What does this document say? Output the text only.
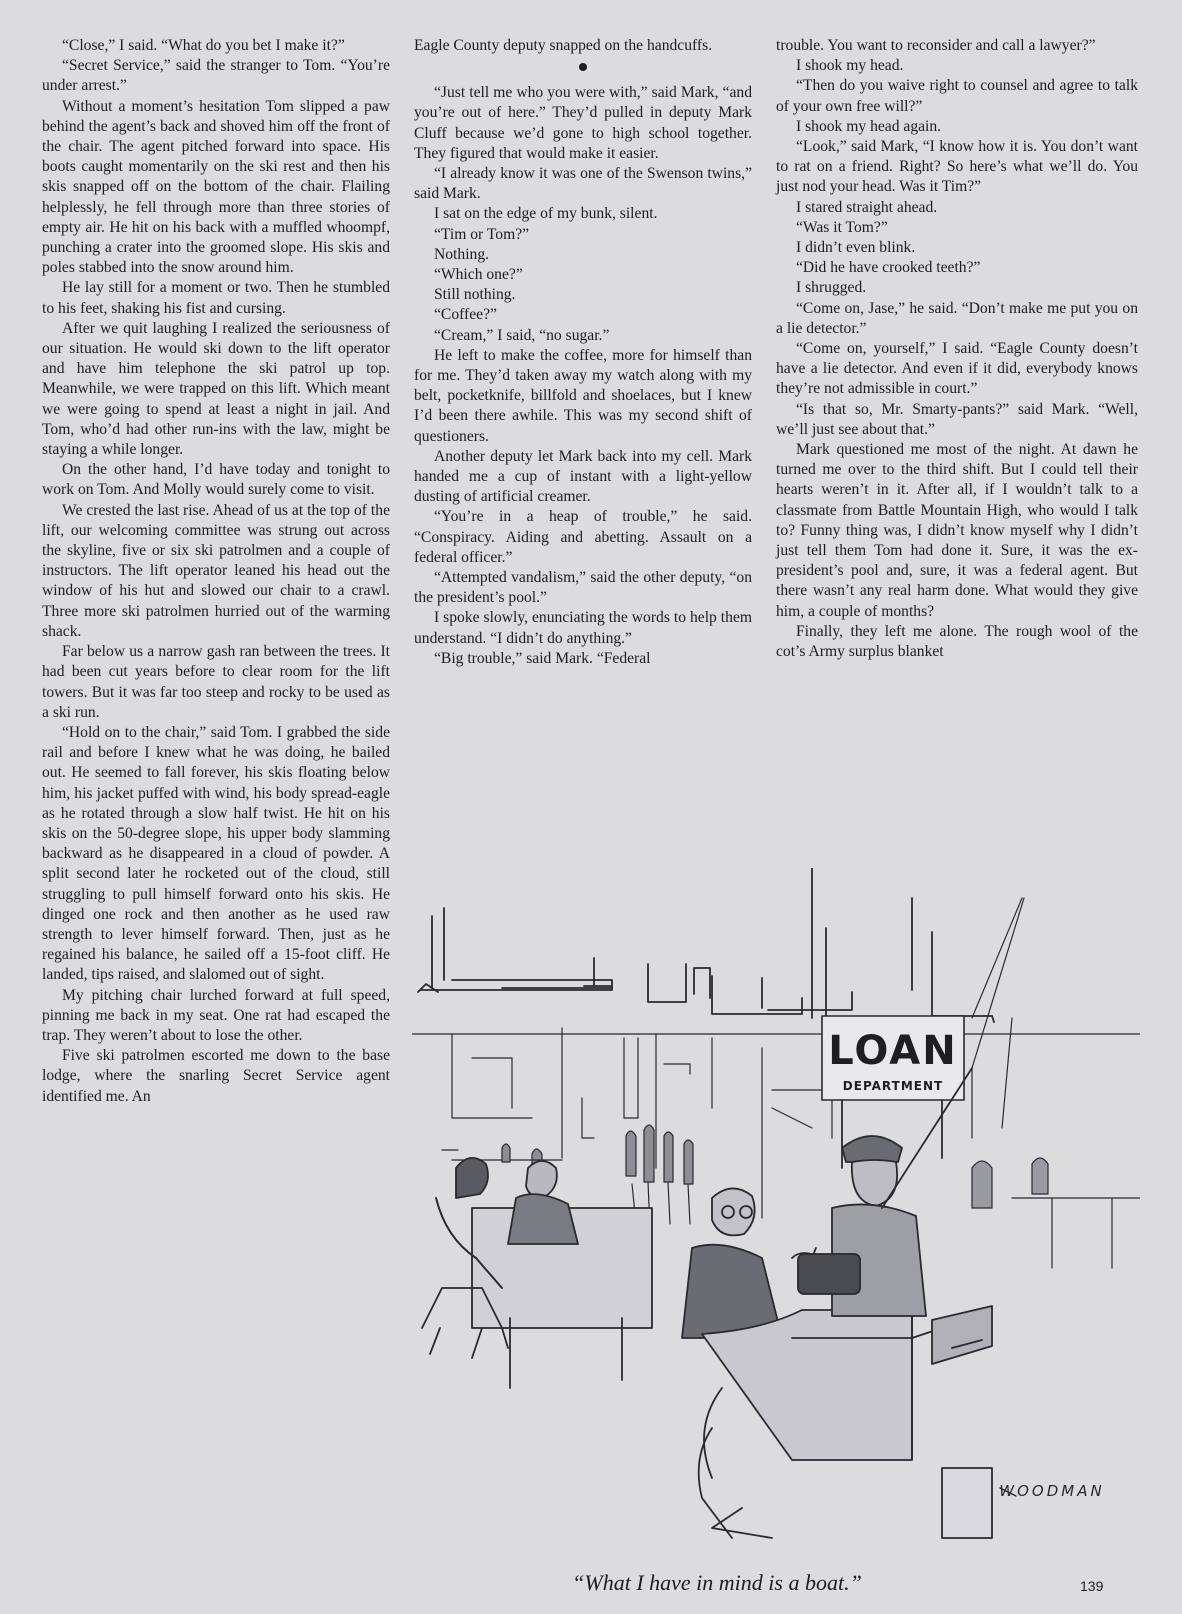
“Close,” I said. “What do you bet I make it?”

“Secret Service,” said the stranger to Tom. “You’re under arrest.”

Without a moment’s hesitation Tom slipped a paw behind the agent’s back and shoved him off the front of the chair. The agent pitched forward into space. His boots caught momentarily on the ski rest and then his skis snapped off on the bottom of the chair. Flailing helplessly, he fell through more than three stories of empty air. He hit on his back with a muffled whoompf, punching a crater into the groomed slope. His skis and poles stabbed into the snow around him.

He lay still for a moment or two. Then he stumbled to his feet, shaking his fist and cursing.

After we quit laughing I realized the seriousness of our situation. He would ski down to the lift operator and have him telephone the ski patrol up top. Meanwhile, we were trapped on this lift. Which meant we were going to spend at least a night in jail. And Tom, who’d had other run-ins with the law, might be staying a while longer.

On the other hand, I’d have today and tonight to work on Tom. And Molly would surely come to visit.

We crested the last rise. Ahead of us at the top of the lift, our welcoming committee was strung out across the skyline, five or six ski patrolmen and a couple of instructors. The lift operator leaned his head out the window of his hut and slowed our chair to a crawl. Three more ski patrolmen hurried out of the warming shack.

Far below us a narrow gash ran between the trees. It had been cut years before to clear room for the lift towers. But it was far too steep and rocky to be used as a ski run.

“Hold on to the chair,” said Tom. I grabbed the side rail and before I knew what he was doing, he bailed out. He seemed to fall forever, his skis floating below him, his jacket puffed with wind, his body spread-eagle as he rotated through a slow half twist. He hit on his skis on the 50-degree slope, his upper body slamming backward as he disappeared in a cloud of powder. A split second later he rocketed out of the cloud, still struggling to pull himself forward onto his skis. He dinged one rock and then another as he used raw strength to lever himself forward. Then, just as he regained his balance, he sailed off a 15-foot cliff. He landed, tips raised, and slalomed out of sight.

My pitching chair lurched forward at full speed, pinning me back in my seat. One rat had escaped the trap. They weren’t about to lose the other.

Five ski patrolmen escorted me down to the base lodge, where the snarling Secret Service agent identified me. An

Eagle County deputy snapped on the handcuffs.

“Just tell me who you were with,” said Mark, “and you’re out of here.” They’d pulled in deputy Mark Cluff because we’d gone to high school together. They figured that would make it easier.

“I already know it was one of the Swenson twins,” said Mark.

I sat on the edge of my bunk, silent.

“Tim or Tom?”

Nothing.

“Which one?”

Still nothing.

“Coffee?”

“Cream,” I said, “no sugar.”

He left to make the coffee, more for himself than for me. They’d taken away my watch along with my belt, pocketknife, billfold and shoelaces, but I knew I’d been there awhile. This was my second shift of questioners.

Another deputy let Mark back into my cell. Mark handed me a cup of instant with a light-yellow dusting of artificial creamer.

“You’re in a heap of trouble,” he said. “Conspiracy. Aiding and abetting. Assault on a federal officer.”

“Attempted vandalism,” said the other deputy, “on the president’s pool.”

I spoke slowly, enunciating the words to help them understand. “I didn’t do anything.”

“Big trouble,” said Mark. “Federal

trouble. You want to reconsider and call a lawyer?”

I shook my head.

“Then do you waive right to counsel and agree to talk of your own free will?”

I shook my head again.

“Look,” said Mark, “I know how it is. You don’t want to rat on a friend. Right? So here’s what we’ll do. You just nod your head. Was it Tim?”

I stared straight ahead.

“Was it Tom?”

I didn’t even blink.

“Did he have crooked teeth?”

I shrugged.

“Come on, Jase,” he said. “Don’t make me put you on a lie detector.”

“Come on, yourself,” I said. “Eagle County doesn’t have a lie detector. And even if it did, everybody knows they’re not admissible in court.”

“Is that so, Mr. Smarty-pants?” said Mark. “Well, we’ll just see about that.”

Mark questioned me most of the night. At dawn he turned me over to the third shift. But I could tell their hearts weren’t in it. After all, if I wouldn’t talk to a classmate from Battle Mountain High, who would I talk to? Funny thing was, I didn’t know myself why I didn’t just tell them Tom had done it. Sure, it was the ex-president’s pool and, sure, it was a federal agent. But there wasn’t any real harm done. What would they give him, a couple of months?

Finally, they left me alone. The rough wool of the cot’s Army surplus blanket

LOAN
DEPARTMENT
WOODMAN
“What I have in mind is a boat.”	139
